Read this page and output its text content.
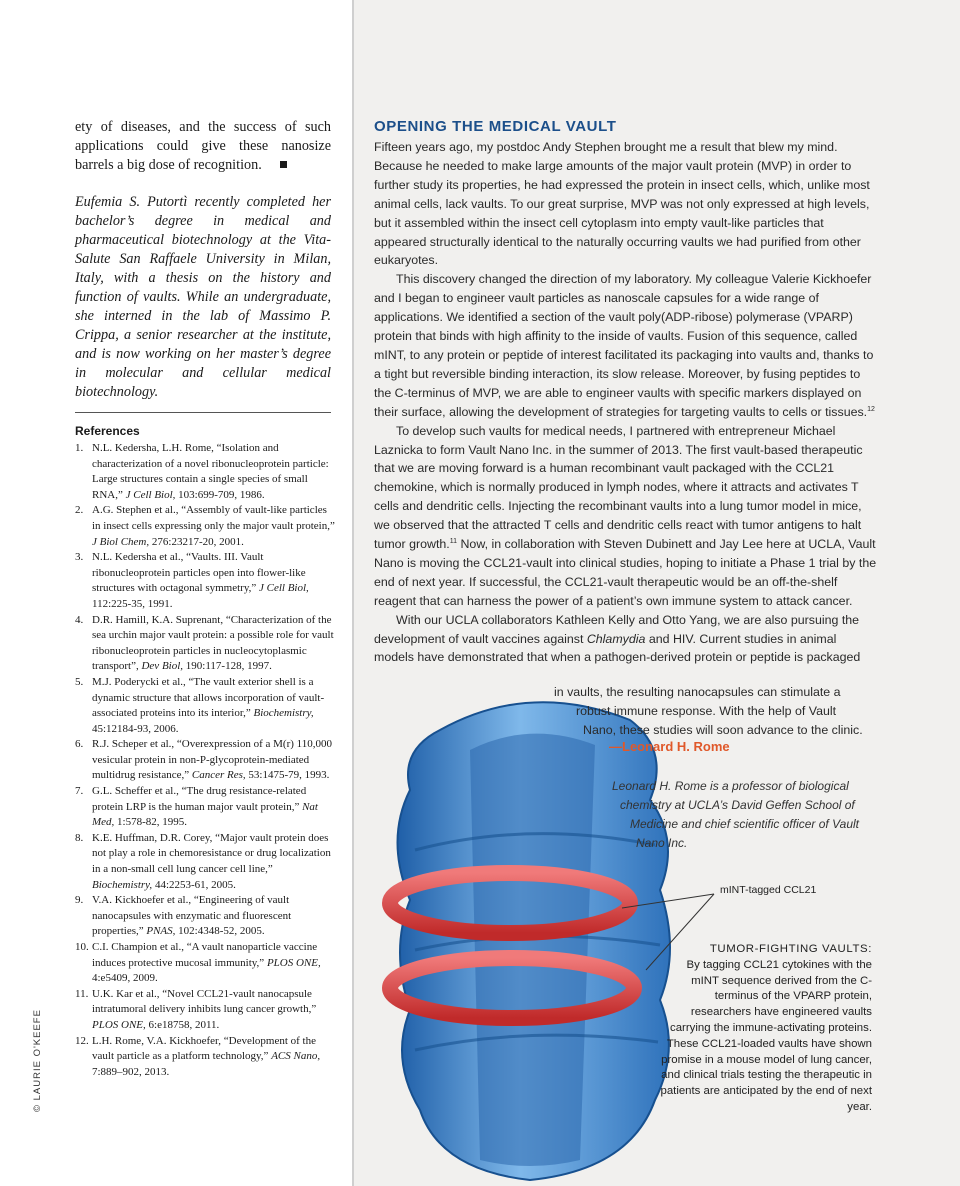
ety of diseases, and the success of such applications could give these nanosize barrels a big dose of recognition.

Eufemia S. Putortì recently completed her bachelor’s degree in medical and pharmaceutical biotechnology at the Vita-Salute San Raffaele University in Milan, Italy, with a thesis on the history and function of vaults. While an undergraduate, she interned in the lab of Massimo P. Crippa, a senior researcher at the institute, and is now working on her master’s degree in molecular and cellular medical biotechnology.

References
1. N.L. Kedersha, L.H. Rome, “Isolation and characterization of a novel ribonucleoprotein particle: Large structures contain a single species of small RNA,” J Cell Biol, 103:699-709, 1986.
2. A.G. Stephen et al., “Assembly of vault-like particles in insect cells expressing only the major vault protein,” J Biol Chem, 276:23217-20, 2001.
3. N.L. Kedersha et al., “Vaults. III. Vault ribonucleoprotein particles open into flower-like structures with octagonal symmetry,” J Cell Biol, 112:225-35, 1991.
4. D.R. Hamill, K.A. Suprenant, “Characterization of the sea urchin major vault protein: a possible role for vault ribonucleoprotein particles in nucleocytoplasmic transport”, Dev Biol, 190:117-128, 1997.
5. M.J. Poderycki et al., “The vault exterior shell is a dynamic structure that allows incorporation of vault-associated proteins into its interior,” Biochemistry, 45:12184-93, 2006.
6. R.J. Scheper et al., “Overexpression of a M(r) 110,000 vesicular protein in non-P-glycoprotein-mediated multidrug resistance,” Cancer Res, 53:1475-79, 1993.
7. G.L. Scheffer et al., “The drug resistance-related protein LRP is the human major vault protein,” Nat Med, 1:578-82, 1995.
8. K.E. Huffman, D.R. Corey, “Major vault protein does not play a role in chemoresistance or drug localization in a non-small cell lung cancer cell line,” Biochemistry, 44:2253-61, 2005.
9. V.A. Kickhoefer et al., “Engineering of vault nanocapsules with enzymatic and fluorescent properties,” PNAS, 102:4348-52, 2005.
10. C.I. Champion et al., “A vault nanoparticle vaccine induces protective mucosal immunity,” PLOS ONE, 4:e5409, 2009.
11. U.K. Kar et al., “Novel CCL21-vault nanocapsule intratumoral delivery inhibits lung cancer growth,” PLOS ONE, 6:e18758, 2011.
12. L.H. Rome, V.A. Kickhoefer, “Development of the vault particle as a platform technology,” ACS Nano, 7:889–902, 2013.
© LAURIE O'KEEFE
OPENING THE MEDICAL VAULT

Fifteen years ago, my postdoc Andy Stephen brought me a result that blew my mind. Because he needed to make large amounts of the major vault protein (MVP) in order to further study its properties, he had expressed the protein in insect cells, which, unlike most animal cells, lack vaults. To our great surprise, MVP was not only expressed at high levels, but it assembled within the insect cell cytoplasm into empty vault-like particles that appeared structurally identical to the naturally occurring vaults we had purified from other eukaryotes.

This discovery changed the direction of my laboratory. My colleague Valerie Kickhoefer and I began to engineer vault particles as nanoscale capsules for a wide range of applications. We identified a section of the vault poly(ADP-ribose) polymerase (VPARP) protein that binds with high affinity to the inside of vaults. Fusion of this sequence, called mINT, to any protein or peptide of interest facilitated its packaging into vaults and, thanks to a tight but reversible binding interaction, its slow release. Moreover, by fusing peptides to the C-terminus of MVP, we are able to engineer vaults with specific markers displayed on their surface, allowing the development of strategies for targeting vaults to cells or tissues.$^{12}$

To develop such vaults for medical needs, I partnered with entrepreneur Michael Laznicka to form Vault Nano Inc. in the summer of 2013. The first vault-based therapeutic that we are moving forward is a human recombinant vault packaged with the CCL21 chemokine, which is normally produced in lymph nodes, where it attracts and activates T cells and dendritic cells. Injecting the recombinant vaults into a lung tumor model in mice, we observed that the attracted T cells and dendritic cells react with tumor antigens to halt tumor growth.$^{11}$ Now, in collaboration with Steven Dubinett and Jay Lee here at UCLA, Vault Nano is moving the CCL21-vault into clinical studies, hoping to initiate a Phase 1 trial by the end of next year. If successful, the CCL21-vault therapeutic would be an off-the-shelf reagent that can harness the power of a patient’s own immune system to attack cancer.

With our UCLA collaborators Kathleen Kelly and Otto Yang, we are also pursuing the development of vault vaccines against Chlamydia and HIV. Current studies in animal models have demonstrated that when a pathogen-derived protein or peptide is packaged

in vaults, the resulting nanocapsules can stimulate a
robust immune response. With the help of Vault
Nano, these studies will soon advance to the clinic.
—Leonard H. Rome

Leonard H. Rome is a professor of biological
chemistry at UCLA’s David Geffen School of
Medicine and chief scientific officer of Vault
Nano Inc.

mINT-tagged CCL21

TUMOR-FIGHTING VAULTS:
By tagging CCL21 cytokines with the mINT sequence derived from the C-terminus of the VPARP protein, researchers have engineered vaults carrying the immune-activating proteins. These CCL21-loaded vaults have shown promise in a mouse model of lung cancer, and clinical trials testing the therapeutic in patients are anticipated by the end of next year.
